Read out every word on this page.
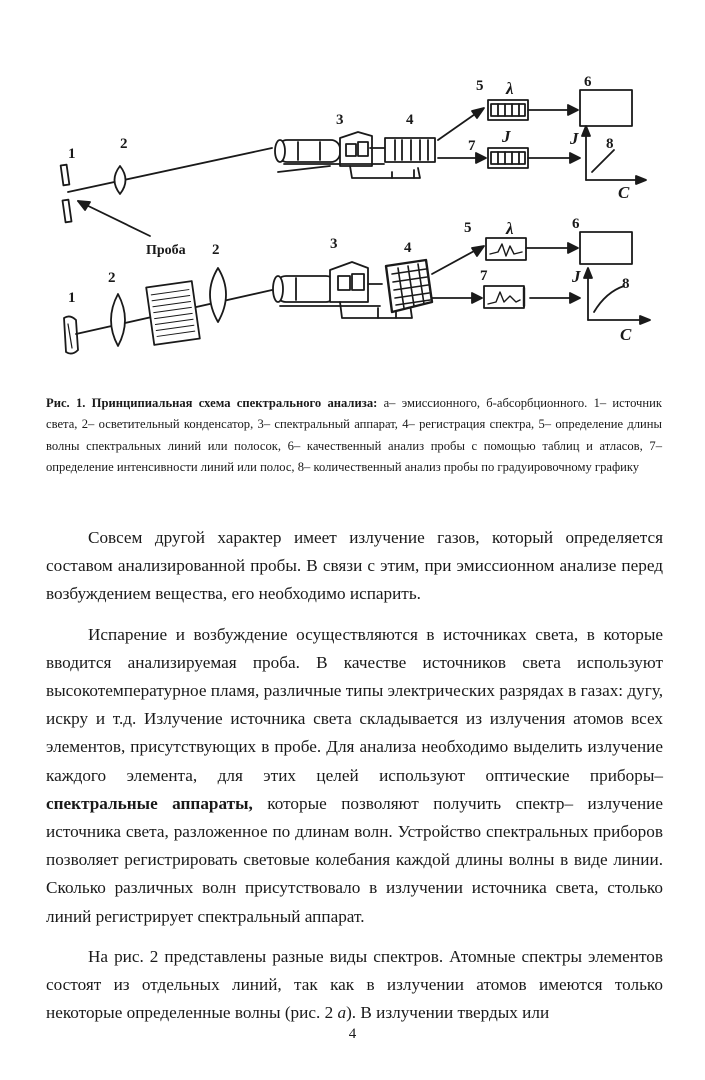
1
2
3	4
5 λ	6
J
7	J 8
C
Проба 2
2
1
3	4
5 λ	6
7	J	8
C
Рис. 1. Принципиальная схема спектрального анализа: а– эмиссионного, б-абсорбционного. 1– источник света, 2– осветительный конденсатор, 3– спектральный аппарат, 4– регистрация спектра, 5– определение длины волны спектральных линий или полосок, 6– качественный анализ пробы с помощью таблиц и атласов, 7– определение интенсивности линий или полос, 8– количественный анализ пробы по градуировочному графику

Совсем другой характер имеет излучение газов, который определяется составом анализированной пробы. В связи с этим, при эмиссионном анализе перед возбуждением вещества, его необходимо испарить.

Испарение и возбуждение осуществляются в источниках света, в которые вводится анализируемая проба. В качестве источников света используют высокотемпературное пламя, различные типы электрических разрядах в газах: дугу, искру и т.д. Излучение источника света складывается из излучения атомов всех элементов, присутствующих в пробе. Для анализа необходимо выделить излучение каждого элемента, для этих целей используют оптические приборы– спектральные аппараты, которые позволяют получить спектр– излучение источника света, разложенное по длинам волн. Устройство спектральных приборов позволяет регистрировать световые колебания каждой длины волны в виде линии. Сколько различных волн присутствовало в излучении источника света, столько линий регистрирует спектральный аппарат.

На рис. 2 представлены разные виды спектров. Атомные спектры элементов состоят из отдельных линий, так как в излучении атомов имеются только некоторые определенные волны (рис. 2 а). В излучении твердых или

4
